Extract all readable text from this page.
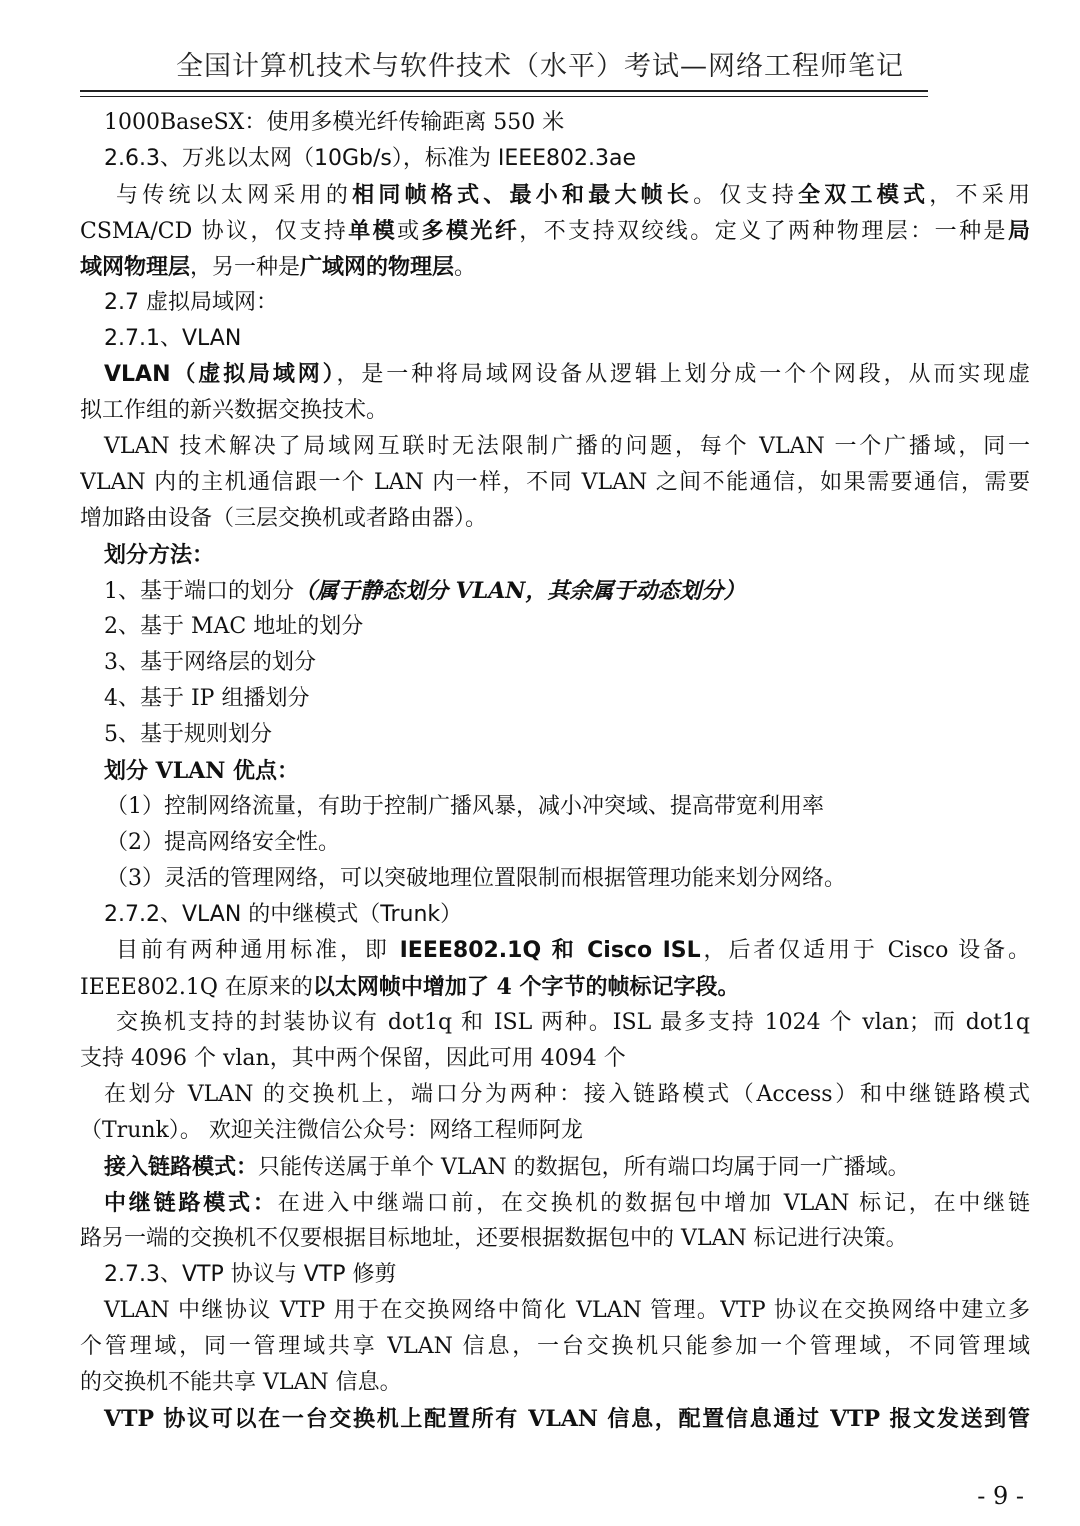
全国计算机技术与软件技术（水平）考试—网络工程师笔记
1000BaseSX：使用多模光纤传输距离 550 米
2.6.3、万兆以太网（10Gb/s），标准为 IEEE802.3ae
与传统以太网采用的相同帧格式、最小和最大帧长。仅支持全双工模式，不采用
CSMA/CD 协议，仅支持单模或多模光纤，不支持双绞线。定义了两种物理层：一种是局
域网物理层，另一种是广域网的物理层。
2.7 虚拟局域网：
2.7.1、VLAN
VLAN（虚拟局域网），是一种将局域网设备从逻辑上划分成一个个网段，从而实现虚
拟工作组的新兴数据交换技术。
VLAN 技术解决了局域网互联时无法限制广播的问题，每个 VLAN 一个广播域，同一
VLAN 内的主机通信跟一个 LAN 内一样，不同 VLAN 之间不能通信，如果需要通信，需要
增加路由设备（三层交换机或者路由器）。
划分方法：
1、基于端口的划分（属于静态划分 VLAN，其余属于动态划分）
2、基于 MAC 地址的划分
3、基于网络层的划分
4、基于 IP 组播划分
5、基于规则划分
划分 VLAN 优点：
（1）控制网络流量，有助于控制广播风暴，减小冲突域、提高带宽利用率
（2）提高网络安全性。
（3）灵活的管理网络，可以突破地理位置限制而根据管理功能来划分网络。
2.7.2、VLAN 的中继模式（Trunk）
目前有两种通用标准，即 IEEE802.1Q 和 Cisco ISL，后者仅适用于 Cisco 设备。
IEEE802.1Q 在原来的以太网帧中增加了 4 个字节的帧标记字段。
交换机支持的封装协议有 dot1q 和 ISL 两种。ISL 最多支持 1024 个 vlan；而 dot1q
支持 4096 个 vlan，其中两个保留，因此可用 4094 个
在划分 VLAN 的交换机上，端口分为两种：接入链路模式（Access）和中继链路模式
（Trunk）。 欢迎关注微信公众号：网络工程师阿龙
接入链路模式：只能传送属于单个 VLAN 的数据包，所有端口均属于同一广播域。
中继链路模式：在进入中继端口前，在交换机的数据包中增加 VLAN 标记，在中继链
路另一端的交换机不仅要根据目标地址，还要根据数据包中的 VLAN 标记进行决策。
2.7.3、VTP 协议与 VTP 修剪
VLAN 中继协议 VTP 用于在交换网络中简化 VLAN 管理。VTP 协议在交换网络中建立多
个管理域，同一管理域共享 VLAN 信息，一台交换机只能参加一个管理域，不同管理域
的交换机不能共享 VLAN 信息。
VTP 协议可以在一台交换机上配置所有 VLAN 信息，配置信息通过 VTP 报文发送到管
- 9 -
